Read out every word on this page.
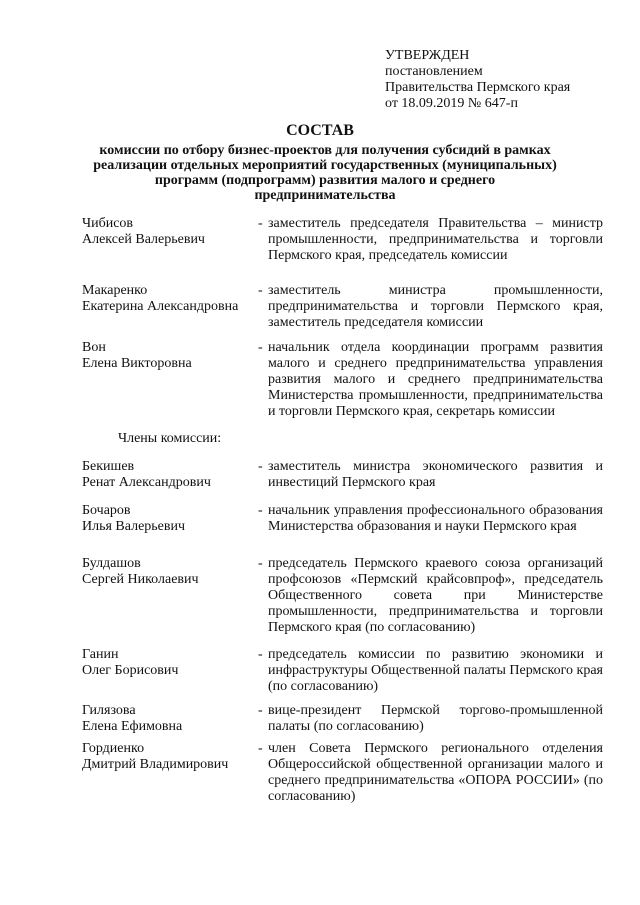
УТВЕРЖДЕН
постановлением
Правительства Пермского края
от 18.09.2019 № 647-п
СОСТАВ
комиссии по отбору бизнес-проектов для получения субсидий в рамках реализации отдельных мероприятий государственных (муниципальных) программ (подпрограмм) развития малого и среднего предпринимательства
Чибисов
Алексей Валерьевич
- заместитель председателя Правительства – министр промышленности, предпринимательства и торговли Пермского края, председатель комиссии
Макаренко
Екатерина Александровна
- заместитель министра промышленности, предпринимательства и торговли Пермского края, заместитель председателя комиссии
Вон
Елена Викторовна
- начальник отдела координации программ развития малого и среднего предпринимательства управления развития малого и среднего предпринимательства Министерства промышленности, предпринимательства и торговли Пермского края, секретарь комиссии
Члены комиссии:
Бекишев
Ренат Александрович
- заместитель министра экономического развития и инвестиций Пермского края
Бочаров
Илья Валерьевич
- начальник управления профессионального образования Министерства образования и науки Пермского края
Булдашов
Сергей Николаевич
- председатель Пермского краевого союза организаций профсоюзов «Пермский крайсовпроф», председатель Общественного совета при Министерстве промышленности, предпринимательства и торговли Пермского края (по согласованию)
Ганин
Олег Борисович
- председатель комиссии по развитию экономики и инфраструктуры Общественной палаты Пермского края (по согласованию)
Гилязова
Елена Ефимовна
- вице-президент Пермской торгово-промышленной палаты (по согласованию)
Гордиенко
Дмитрий Владимирович
- член Совета Пермского регионального отделения Общероссийской общественной организации малого и среднего предпринимательства «ОПОРА РОССИИ» (по согласованию)
